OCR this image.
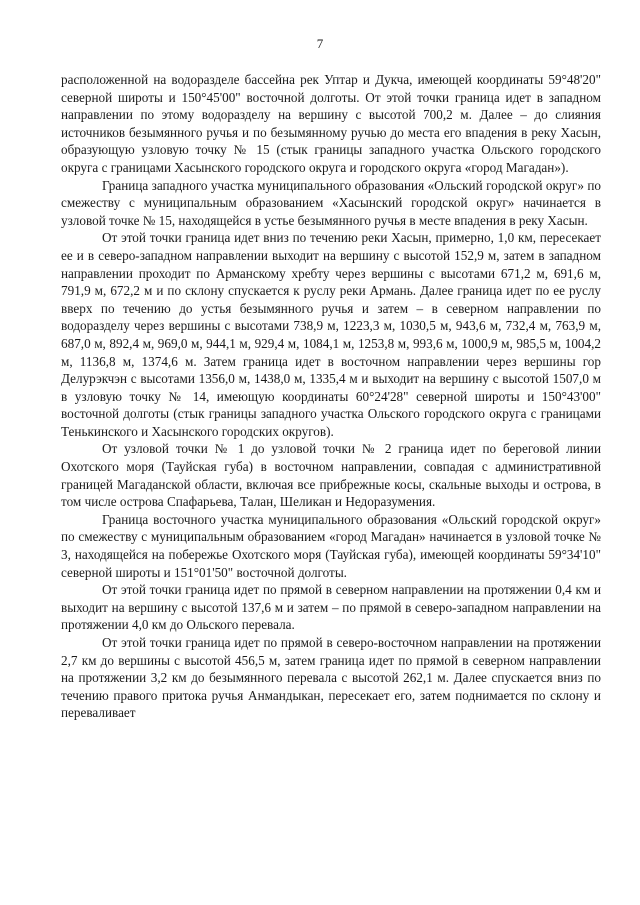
7

расположенной на водоразделе бассейна рек Уптар и Дукча, имеющей координаты 59°48'20" северной широты и 150°45'00" восточной долготы. От этой точки граница идет в западном направлении по этому водоразделу на вершину с высотой 700,2 м. Далее – до слияния источников безымянного ручья и по безымянному ручью до места его впадения в реку Хасын, образующую узловую точку № 15 (стык границы западного участка Ольского городского округа с границами Хасынского городского округа и городского округа «город Магадан»).

Граница западного участка муниципального образования «Ольский городской округ» по смежеству с муниципальным образованием «Хасынский городской округ» начинается в узловой точке № 15, находящейся в устье безымянного ручья в месте впадения в реку Хасын.

От этой точки граница идет вниз по течению реки Хасын, примерно, 1,0 км, пересекает ее и в северо-западном направлении выходит на вершину с высотой 152,9 м, затем в западном направлении проходит по Арманскому хребту через вершины с высотами 671,2 м, 691,6 м, 791,9 м, 672,2 м и по склону спускается к руслу реки Армань. Далее граница идет по ее руслу вверх по течению до устья безымянного ручья и затем – в северном направлении по водоразделу через вершины с высотами 738,9 м, 1223,3 м, 1030,5 м, 943,6 м, 732,4 м, 763,9 м, 687,0 м, 892,4 м, 969,0 м, 944,1 м, 929,4 м, 1084,1 м, 1253,8 м, 993,6 м, 1000,9 м, 985,5 м, 1004,2 м, 1136,8 м, 1374,6 м. Затем граница идет в восточном направлении через вершины гор Делурэкчэн с высотами 1356,0 м, 1438,0 м, 1335,4 м и выходит на вершину с высотой 1507,0 м в узловую точку № 14, имеющую координаты 60°24'28" северной широты и 150°43'00" восточной долготы (стык границы западного участка Ольского городского округа с границами Тенькинского и Хасынского городских округов).

От узловой точки № 1 до узловой точки № 2 граница идет по береговой линии Охотского моря (Тауйская губа) в восточном направлении, совпадая с административной границей Магаданской области, включая все прибрежные косы, скальные выходы и острова, в том числе острова Спафарьева, Талан, Шеликан и Недоразумения.

Граница восточного участка муниципального образования «Ольский городской округ» по смежеству с муниципальным образованием «город Магадан» начинается в узловой точке № 3, находящейся на побережье Охотского моря (Тауйская губа), имеющей координаты 59°34'10" северной широты и 151°01'50" восточной долготы.

От этой точки граница идет по прямой в северном направлении на протяжении 0,4 км и выходит на вершину с высотой 137,6 м и затем – по прямой в северо-западном направлении на протяжении 4,0 км до Ольского перевала.

От этой точки граница идет по прямой в северо-восточном направлении на протяжении 2,7 км до вершины с высотой 456,5 м, затем граница идет по прямой в северном направлении на протяжении 3,2 км до безымянного перевала с высотой 262,1 м. Далее спускается вниз по течению правого притока ручья Анмандыкан, пересекает его, затем поднимается по склону и переваливает
